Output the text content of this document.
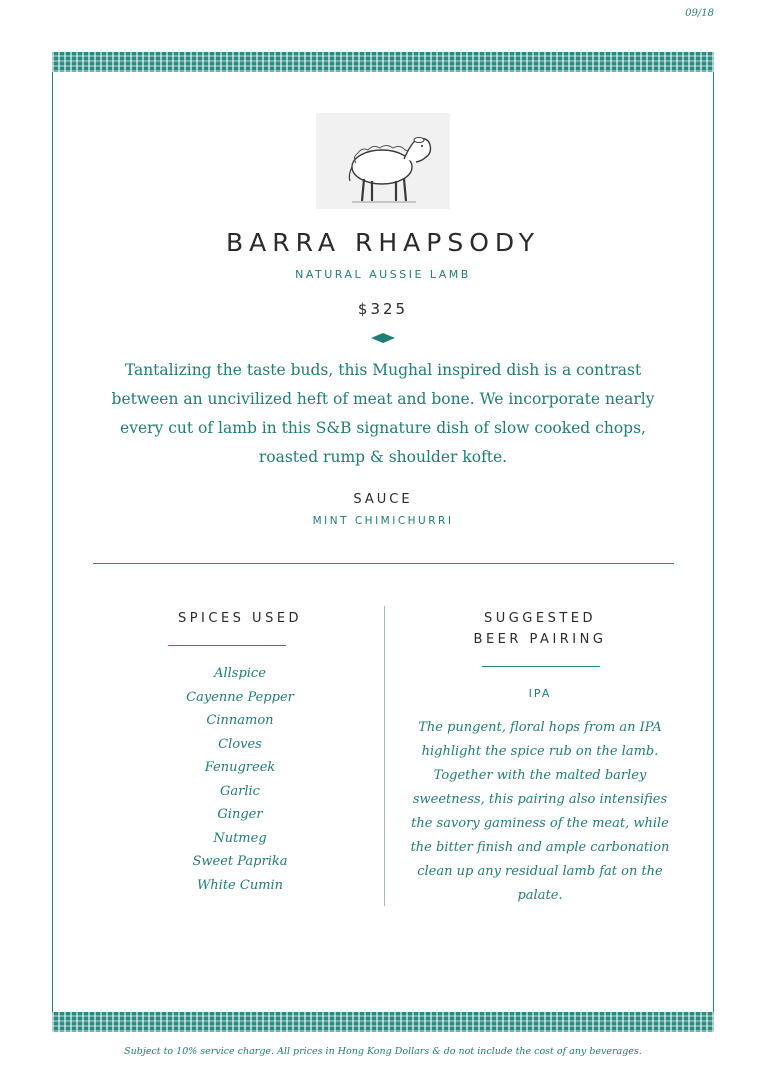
09/18
BARRA RHAPSODY
NATURAL AUSSIE LAMB
$325
Tantalizing the taste buds, this Mughal inspired dish is a contrast between an uncivilized heft of meat and bone. We incorporate nearly every cut of lamb in this S&B signature dish of slow cooked chops, roasted rump & shoulder kofte.
SAUCE
MINT CHIMICHURRI
SPICES USED
Allspice
Cayenne Pepper
Cinnamon
Cloves
Fenugreek
Garlic
Ginger
Nutmeg
Sweet Paprika
White Cumin
SUGGESTED
BEER PAIRING
IPA
The pungent, floral hops from an IPA highlight the spice rub on the lamb. Together with the malted barley sweetness, this pairing also intensifies the savory gaminess of the meat, while the bitter finish and ample carbonation clean up any residual lamb fat on the palate.
Subject to 10% service charge. All prices in Hong Kong Dollars & do not include the cost of any beverages.
